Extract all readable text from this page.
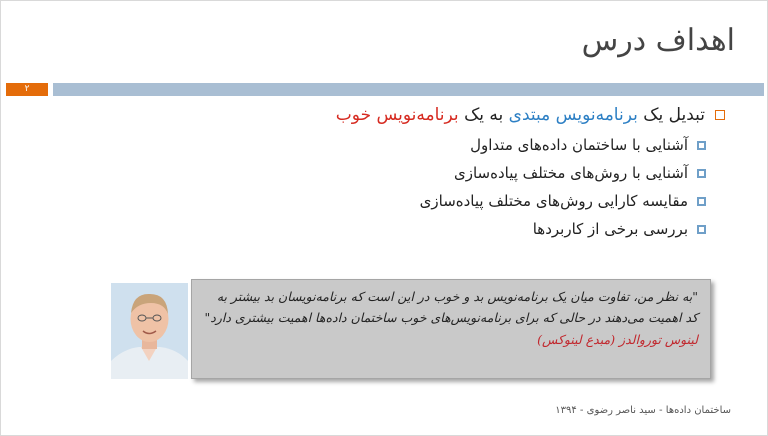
اهداف درس
۲
تبدیل یک برنامه‌نویس مبتدی به یک برنامه‌نویس خوب
آشنایی با ساختمان داده‌های متداول
آشنایی با روش‌های مختلف پیاده‌سازی
مقایسه کارایی روش‌های مختلف پیاده‌سازی
بررسی برخی از کاربردها
"به نظر من، تفاوت میان یک برنامه‌نویس بد و خوب در این است که برنامه‌نویسان بد بیشتر به کد اهمیت می‌دهند در حالی که برای برنامه‌نویس‌های خوب ساختمان داده‌ها اهمیت بیشتری دارد"
لینوس توروالدز (مبدع لینوکس)
ساختمان داده‌ها - سید ناصر رضوی - ۱۳۹۴
